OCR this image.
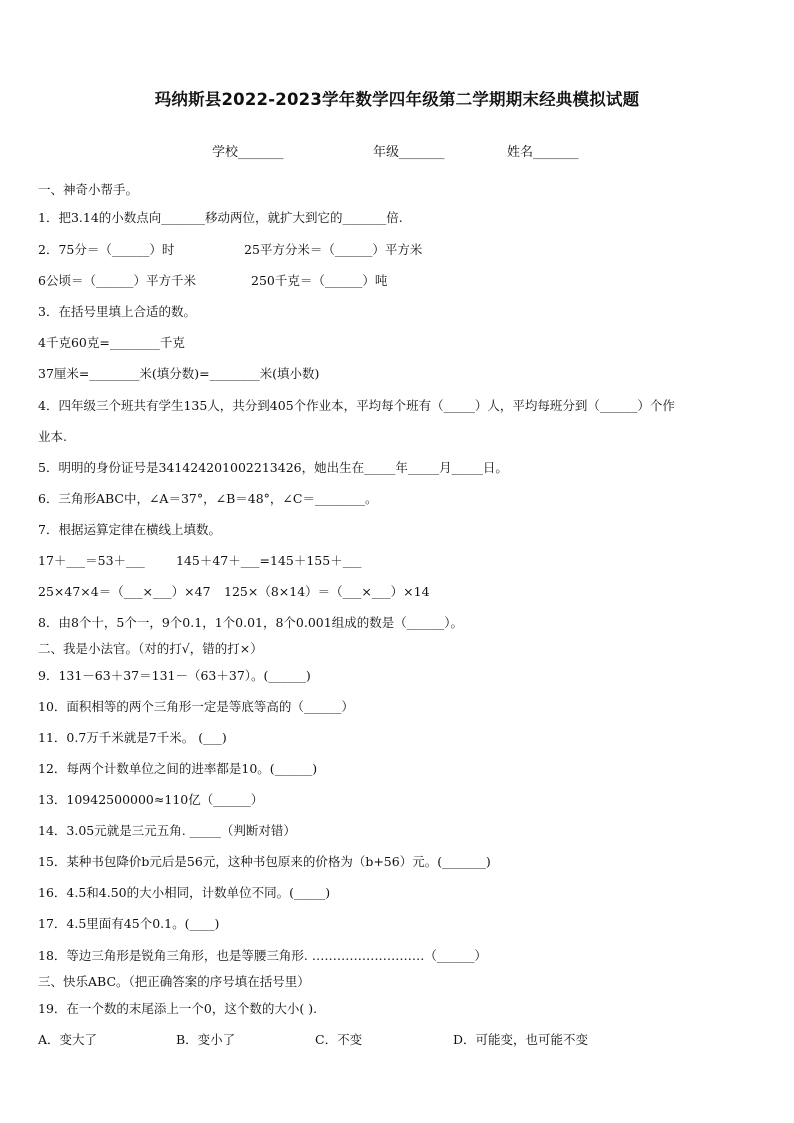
玛纳斯县2022-2023学年数学四年级第二学期期末经典模拟试题
学校_______	年级_______	姓名_______
一、神奇小帮手。
1．把3.14的小数点向_______移动两位，就扩大到它的_______倍.
2．75分＝（______）时	25平方分米＝（______）平方米
6公顷＝（______）平方千米	250千克＝（______）吨
3．在括号里填上合适的数。
4千克60克=________千克
37厘米=________米(填分数)=________米(填小数)
4．四年级三个班共有学生135人，共分到405个作业本，平均每个班有（_____）人，平均每班分到（______）个作
业本.
5．明明的身份证号是341424201002213426，她出生在_____年_____月_____日。
6．三角形ABC中，∠A＝37°，∠B＝48°，∠C＝________。
7．根据运算定律在横线上填数。
17＋___＝53＋___ 145＋47＋___=145＋155＋___
25×47×4＝（___×___）×47 125×（8×14）＝（___×___）×14
8．由8个十，5个一，9个0.1，1个0.01，8个0.001组成的数是（______）。
二、我是小法官。（对的打√，错的打×）
9．131－63＋37＝131－（63＋37）。(______)
10．面积相等的两个三角形一定是等底等高的（______）
11．0.7万千米就是7千米。 (___)
12．每两个计数单位之间的进率都是10。(______)
13．10942500000≈110亿（______）
14．3.05元就是三元五角. _____（判断对错）
15．某种书包降价b元后是56元，这种书包原来的价格为（b+56）元。(_______)
16．4.5和4.50的大小相同，计数单位不同。(_____)
17．4.5里面有45个0.1。(____)
18．等边三角形是锐角三角形，也是等腰三角形. ………………………（______）
三、快乐ABC。（把正确答案的序号填在括号里）
19．在一个数的末尾添上一个0，这个数的大小( ).
A．变大了	B．变小了	C．不变	D．可能变，也可能不变
